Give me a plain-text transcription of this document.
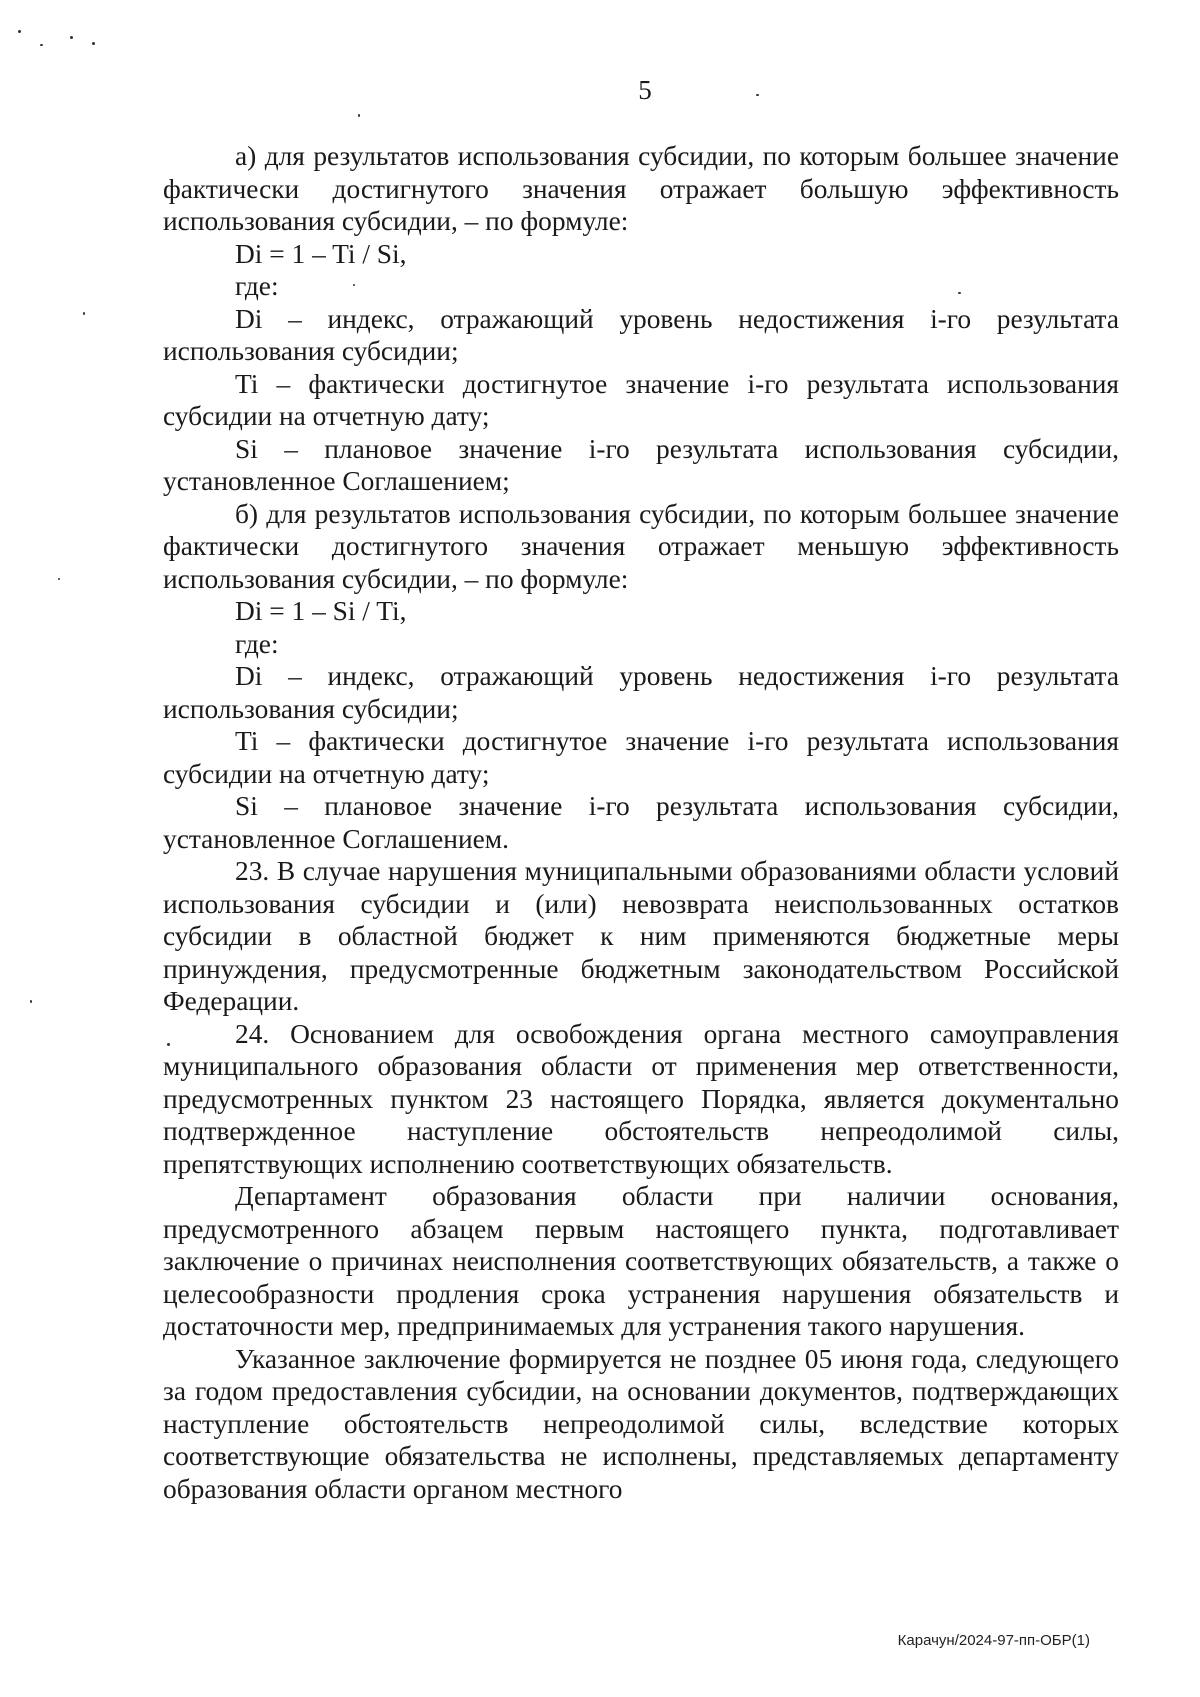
5

а) для результатов использования субсидии, по которым большее значение фактически достигнутого значения отражает большую эффективность использования субсидии, – по формуле:

Di = 1 – Ti / Si,

где:

Di – индекс, отражающий уровень недостижения i-го результата использования субсидии;

Ti – фактически достигнутое значение i-го результата использования субсидии на отчетную дату;

Si – плановое значение i-го результата использования субсидии, установленное Соглашением;

б) для результатов использования субсидии, по которым большее значение фактически достигнутого значения отражает меньшую эффективность использования субсидии, – по формуле:

Di = 1 – Si / Ti,

где:

Di – индекс, отражающий уровень недостижения i-го результата использования субсидии;

Ti – фактически достигнутое значение i-го результата использования субсидии на отчетную дату;

Si – плановое значение i-го результата использования субсидии, установленное Соглашением.

23. В случае нарушения муниципальными образованиями области условий использования субсидии и (или) невозврата неиспользованных остатков субсидии в областной бюджет к ним применяются бюджетные меры принуждения, предусмотренные бюджетным законодательством Российской Федерации.

24. Основанием для освобождения органа местного самоуправления муниципального образования области от применения мер ответственности, предусмотренных пунктом 23 настоящего Порядка, является документально подтвержденное наступление обстоятельств непреодолимой силы, препятствующих исполнению соответствующих обязательств.

Департамент образования области при наличии основания, предусмотренного абзацем первым настоящего пункта, подготавливает заключение о причинах неисполнения соответствующих обязательств, а также о целесообразности продления срока устранения нарушения обязательств и достаточности мер, предпринимаемых для устранения такого нарушения.

Указанное заключение формируется не позднее 05 июня года, следующего за годом предоставления субсидии, на основании документов, подтверждающих наступление обстоятельств непреодолимой силы, вследствие которых соответствующие обязательства не исполнены, представляемых департаменту образования области органом местного

Карачун/2024-97-пп-ОБР(1)
